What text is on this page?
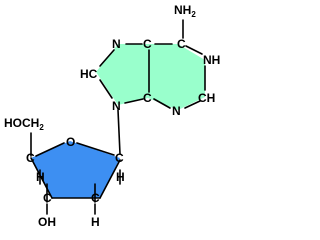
$NH_2$
N C C
NH
HC
C	CH
N	N
$HOCH_2$
O
C	C
H	H
C	C
OH	H
